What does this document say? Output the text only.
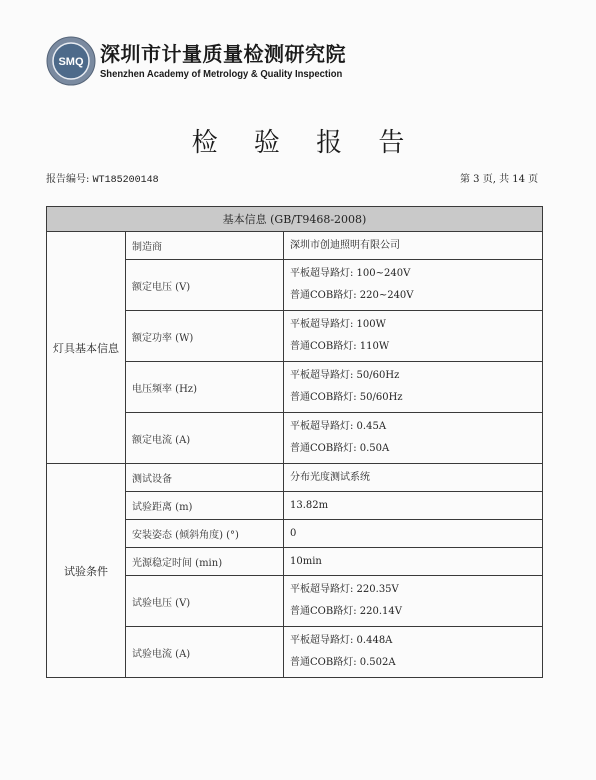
SMQ 深圳市计量质量检测研究院
Shenzhen Academy of Metrology & Quality Inspection
检 验 报 告
报告编号: WT185200148	第 3 页, 共 14 页
基本信息 (GB/T9468-2008)		
灯具基本信息	制造商	深圳市创迪照明有限公司

	额定电压 (V)	平板超导路灯: 100~240V
普通COB路灯: 220~240V

	额定功率 (W)	平板超导路灯: 100W
普通COB路灯: 110W

	电压频率 (Hz)	平板超导路灯: 50/60Hz
普通COB路灯: 50/60Hz

	额定电流 (A)	平板超导路灯: 0.45A
普通COB路灯: 0.50A

试验条件	测试设备	分布光度测试系统

	试验距离 (m)	13.82m

	安装姿态 (倾斜角度) (°)	0

	光源稳定时间 (min)	10min

	试验电压 (V)	平板超导路灯: 220.35V
普通COB路灯: 220.14V

	试验电流 (A)	平板超导路灯: 0.448A
普通COB路灯: 0.502A
